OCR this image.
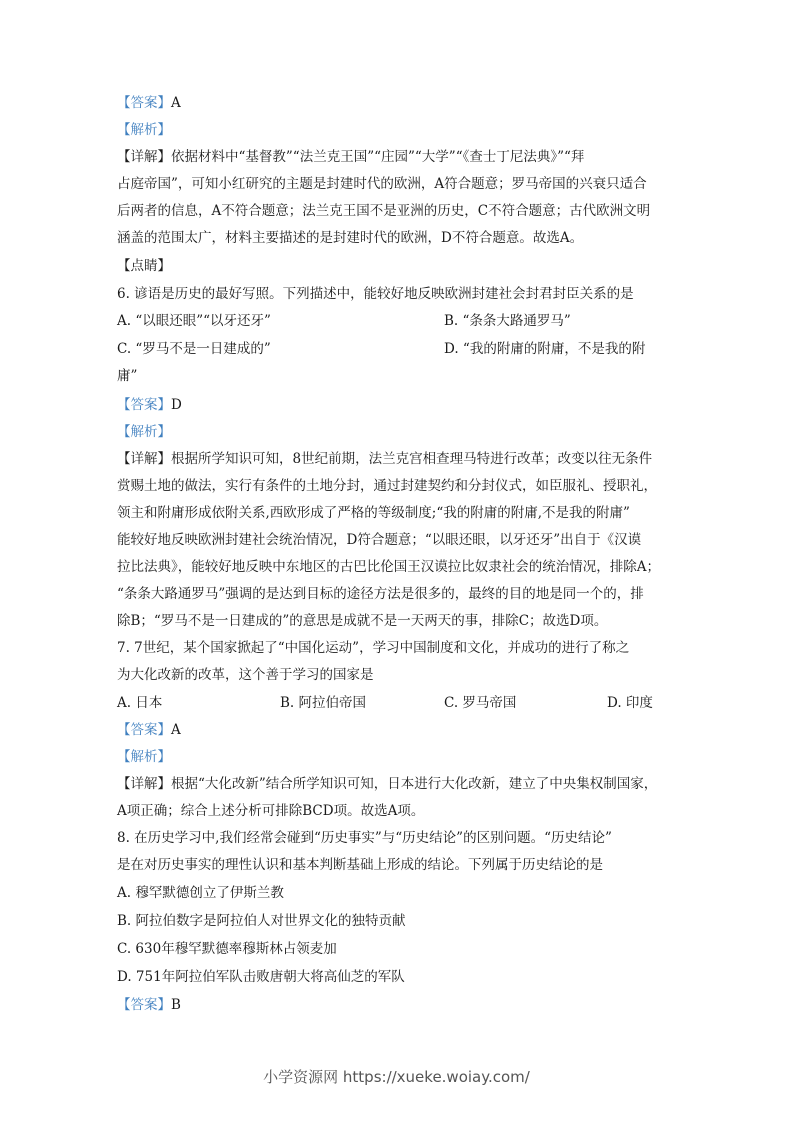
【答案】A
【解析】
【详解】依据材料中“基督教”“法兰克王国”“庄园”“大学”“《查士丁尼法典》”“拜
占庭帝国”，可知小红研究的主题是封建时代的欧洲，A符合题意；罗马帝国的兴衰只适合
后两者的信息，A不符合题意；法兰克王国不是亚洲的历史，C不符合题意；古代欧洲文明
涵盖的范围太广，材料主要描述的是封建时代的欧洲，D不符合题意。故选A。
【点睛】
6. 谚语是历史的最好写照。下列描述中，能较好地反映欧洲封建社会封君封臣关系的是
A. “以眼还眼”“以牙还牙”	B. “条条大路通罗马”
C. “罗马不是一日建成的”	D. “我的附庸的附庸，不是我的附
庸”
【答案】D
【解析】
【详解】根据所学知识可知，8世纪前期，法兰克宫相查理马特进行改革；改变以往无条件
赏赐土地的做法，实行有条件的土地分封，通过封建契约和分封仪式，如臣服礼、授职礼，
领主和附庸形成依附关系,西欧形成了严格的等级制度;“我的附庸的附庸,不是我的附庸”
能较好地反映欧洲封建社会统治情况，D符合题意；“以眼还眼，以牙还牙”出自于《汉谟
拉比法典》，能较好地反映中东地区的古巴比伦国王汉谟拉比奴隶社会的统治情况，排除A；
“条条大路通罗马”强调的是达到目标的途径方法是很多的，最终的目的地是同一个的，排
除B；“罗马不是一日建成的”的意思是成就不是一天两天的事，排除C；故选D项。
7. 7世纪，某个国家掀起了“中国化运动”，学习中国制度和文化，并成功的进行了称之
为大化改新的改革，这个善于学习的国家是
A. 日本	B. 阿拉伯帝国	C. 罗马帝国	D. 印度
【答案】A
【解析】
【详解】根据“大化改新”结合所学知识可知，日本进行大化改新，建立了中央集权制国家，
A项正确；综合上述分析可排除BCD项。故选A项。
8. 在历史学习中,我们经常会碰到“历史事实”与“历史结论”的区别问题。“历史结论”
是在对历史事实的理性认识和基本判断基础上形成的结论。下列属于历史结论的是
A. 穆罕默德创立了伊斯兰教
B. 阿拉伯数字是阿拉伯人对世界文化的独特贡献
C. 630年穆罕默德率穆斯林占领麦加
D. 751年阿拉伯军队击败唐朝大将高仙芝的军队
【答案】B
小学资源网 https://xueke.woiay.com/
